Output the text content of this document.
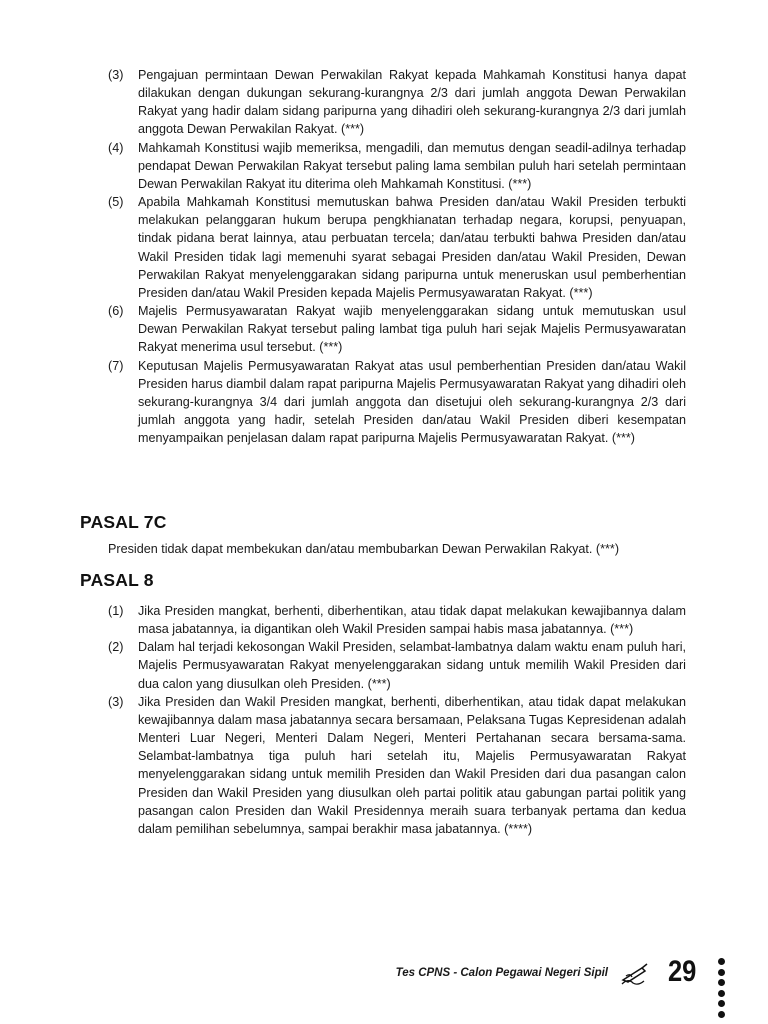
(3) Pengajuan permintaan Dewan Perwakilan Rakyat kepada Mahkamah Konstitusi hanya dapat dilakukan dengan dukungan sekurang-kurangnya 2/3 dari jumlah anggota Dewan Perwakilan Rakyat yang hadir dalam sidang paripurna yang dihadiri oleh sekurang-kurangnya 2/3 dari jumlah anggota Dewan Perwakilan Rakyat. (***)

(4) Mahkamah Konstitusi wajib memeriksa, mengadili, dan memutus dengan seadil-adilnya terhadap pendapat Dewan Perwakilan Rakyat tersebut paling lama sembilan puluh hari setelah permintaan Dewan Perwakilan Rakyat itu diterima oleh Mahkamah Konstitusi. (***)

(5) Apabila Mahkamah Konstitusi memutuskan bahwa Presiden dan/atau Wakil Presiden terbukti melakukan pelanggaran hukum berupa pengkhianatan terhadap negara, korupsi, penyuapan, tindak pidana berat lainnya, atau perbuatan tercela; dan/atau terbukti bahwa Presiden dan/atau Wakil Presiden tidak lagi memenuhi syarat sebagai Presiden dan/atau Wakil Presiden, Dewan Perwakilan Rakyat menyelenggarakan sidang paripurna untuk meneruskan usul pemberhentian Presiden dan/atau Wakil Presiden kepada Majelis Permusyawaratan Rakyat. (***)

(6) Majelis Permusyawaratan Rakyat wajib menyelenggarakan sidang untuk memutuskan usul Dewan Perwakilan Rakyat tersebut paling lambat tiga puluh hari sejak Majelis Permusyawaratan Rakyat menerima usul tersebut. (***)

(7) Keputusan Majelis Permusyawaratan Rakyat atas usul pemberhentian Presiden dan/atau Wakil Presiden harus diambil dalam rapat paripurna Majelis Permusyawaratan Rakyat yang dihadiri oleh sekurang-kurangnya 3/4 dari jumlah anggota dan disetujui oleh sekurang-kurangnya 2/3 dari jumlah anggota yang hadir, setelah Presiden dan/atau Wakil Presiden diberi kesempatan menyampaikan penjelasan dalam rapat paripurna Majelis Permusyawaratan Rakyat. (***)

PASAL 7C

Presiden tidak dapat membekukan dan/atau membubarkan Dewan Perwakilan Rakyat. (***)

PASAL 8
(1) Jika Presiden mangkat, berhenti, diberhentikan, atau tidak dapat melakukan kewajibannya dalam masa jabatannya, ia digantikan oleh Wakil Presiden sampai habis masa jabatannya. (***)

(2) Dalam hal terjadi kekosongan Wakil Presiden, selambat-lambatnya dalam waktu enam puluh hari, Majelis Permusyawaratan Rakyat menyelenggarakan sidang untuk memilih Wakil Presiden dari dua calon yang diusulkan oleh Presiden. (***)

(3) Jika Presiden dan Wakil Presiden mangkat, berhenti, diberhentikan, atau tidak dapat melakukan kewajibannya dalam masa jabatannya secara bersamaan, Pelaksana Tugas Kepresidenan adalah Menteri Luar Negeri, Menteri Dalam Negeri, Menteri Pertahanan secara bersama-sama. Selambat-lambatnya tiga puluh hari setelah itu, Majelis Permusyawaratan Rakyat menyelenggarakan sidang untuk memilih Presiden dan Wakil Presiden dari dua pasangan calon Presiden dan Wakil Presiden yang diusulkan oleh partai politik atau gabungan partai politik yang pasangan calon Presiden dan Wakil Presidennya meraih suara terbanyak pertama dan kedua dalam pemilihan sebelumnya, sampai berakhir masa jabatannya. (****)

Tes CPNS - Calon Pegawai Negeri Sipil 29
